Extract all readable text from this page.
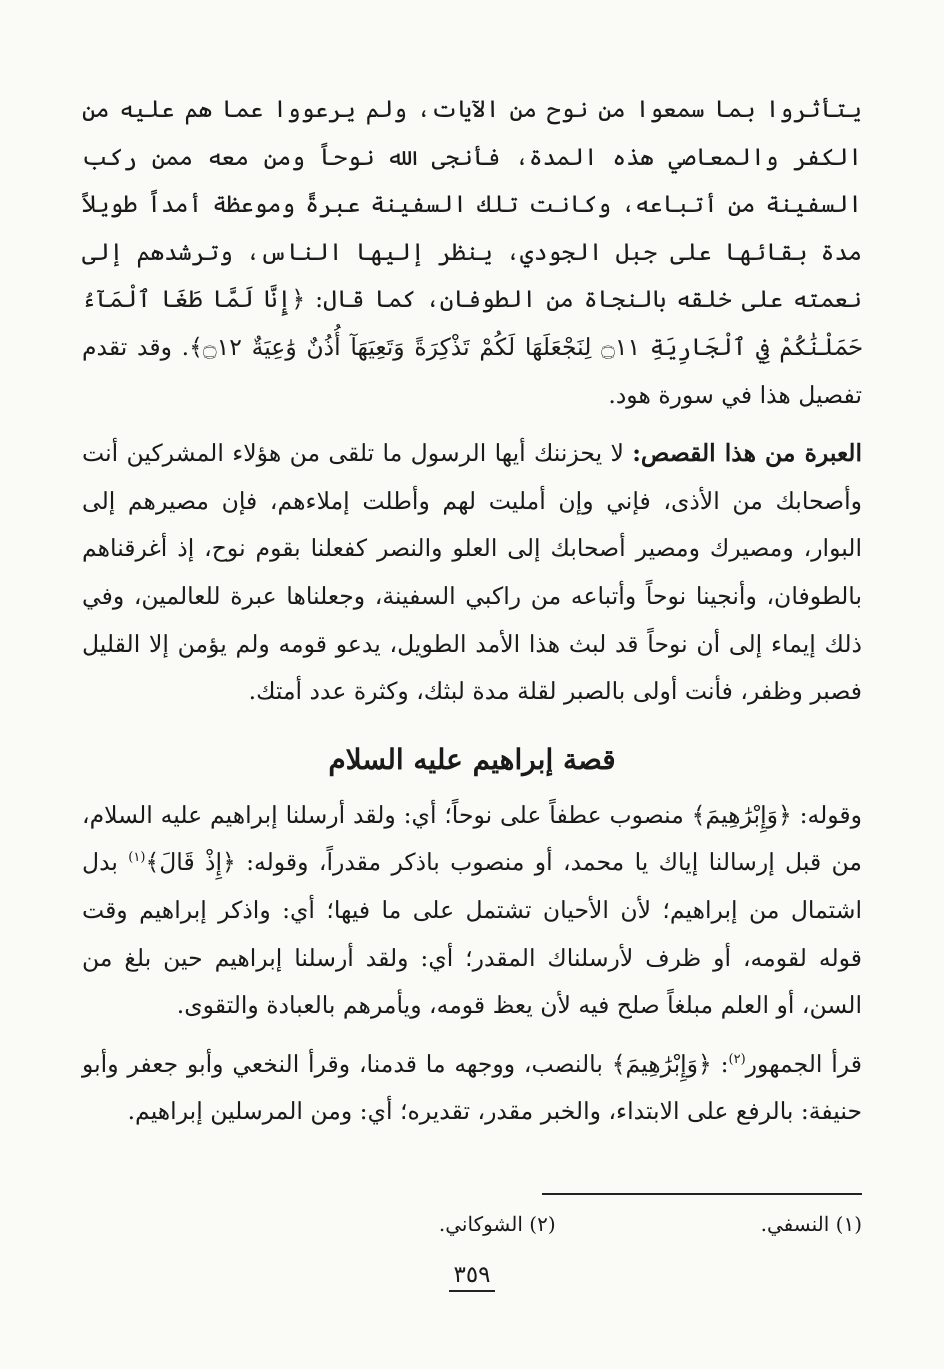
يتأثروا بما سمعوا من نوح من الآيات، ولم يرعووا عما هم عليه من الكفر والمعاصي هذه المدة، فأنجى الله نوحاً ومن معه ممن ركب السفينة من أتباعه، وكانت تلك السفينة عبرةً وموعظة أمداً طويلاً مدة بقائها على جبل الجودي، ينظر إليها الناس، وترشدهم إلى نعمته على خلقه بالنجاة من الطوفان، كما قال: ﴿إِنَّا لَمَّا طَغَا ٱلْمَآءُ حَمَلْنَٰكُمْ فِي ٱلْجَارِيَةِ ۝١١ لِنَجْعَلَهَا لَكُمْ تَذْكِرَةً وَتَعِيَهَآ أُذُنٌ وَٰعِيَةٌ ۝١٢﴾. وقد تقدم تفصيل هذا في سورة هود.

العبرة من هذا القصص: لا يحزننك أيها الرسول ما تلقى من هؤلاء المشركين أنت وأصحابك من الأذى، فإني وإن أمليت لهم وأطلت إملاءهم، فإن مصيرهم إلى البوار، ومصيرك ومصير أصحابك إلى العلو والنصر كفعلنا بقوم نوح، إذ أغرقناهم بالطوفان، وأنجينا نوحاً وأتباعه من راكبي السفينة، وجعلناها عبرة للعالمين، وفي ذلك إيماء إلى أن نوحاً قد لبث هذا الأمد الطويل، يدعو قومه ولم يؤمن إلا القليل فصبر وظفر، فأنت أولى بالصبر لقلة مدة لبثك، وكثرة عدد أمتك.

قصة إبراهيم عليه السلام

وقوله: ﴿وَإِبْرَٰهِيمَ﴾ منصوب عطفاً على نوحاً؛ أي: ولقد أرسلنا إبراهيم عليه السلام، من قبل إرسالنا إياك يا محمد، أو منصوب باذكر مقدراً، وقوله: ﴿إِذْ قَالَ﴾$^{(١)}$ بدل اشتمال من إبراهيم؛ لأن الأحيان تشتمل على ما فيها؛ أي: واذكر إبراهيم وقت قوله لقومه، أو ظرف لأرسلناك المقدر؛ أي: ولقد أرسلنا إبراهيم حين بلغ من السن، أو العلم مبلغاً صلح فيه لأن يعظ قومه، ويأمرهم بالعبادة والتقوى.

قرأ الجمهور$^{(٢)}$: ﴿وَإِبْرَٰهِيمَ﴾ بالنصب، ووجهه ما قدمنا، وقرأ النخعي وأبو جعفر وأبو حنيفة: بالرفع على الابتداء، والخبر مقدر، تقديره؛ أي: ومن المرسلين إبراهيم.

(١) النسفي. (٢) الشوكاني.
٣٥٩
